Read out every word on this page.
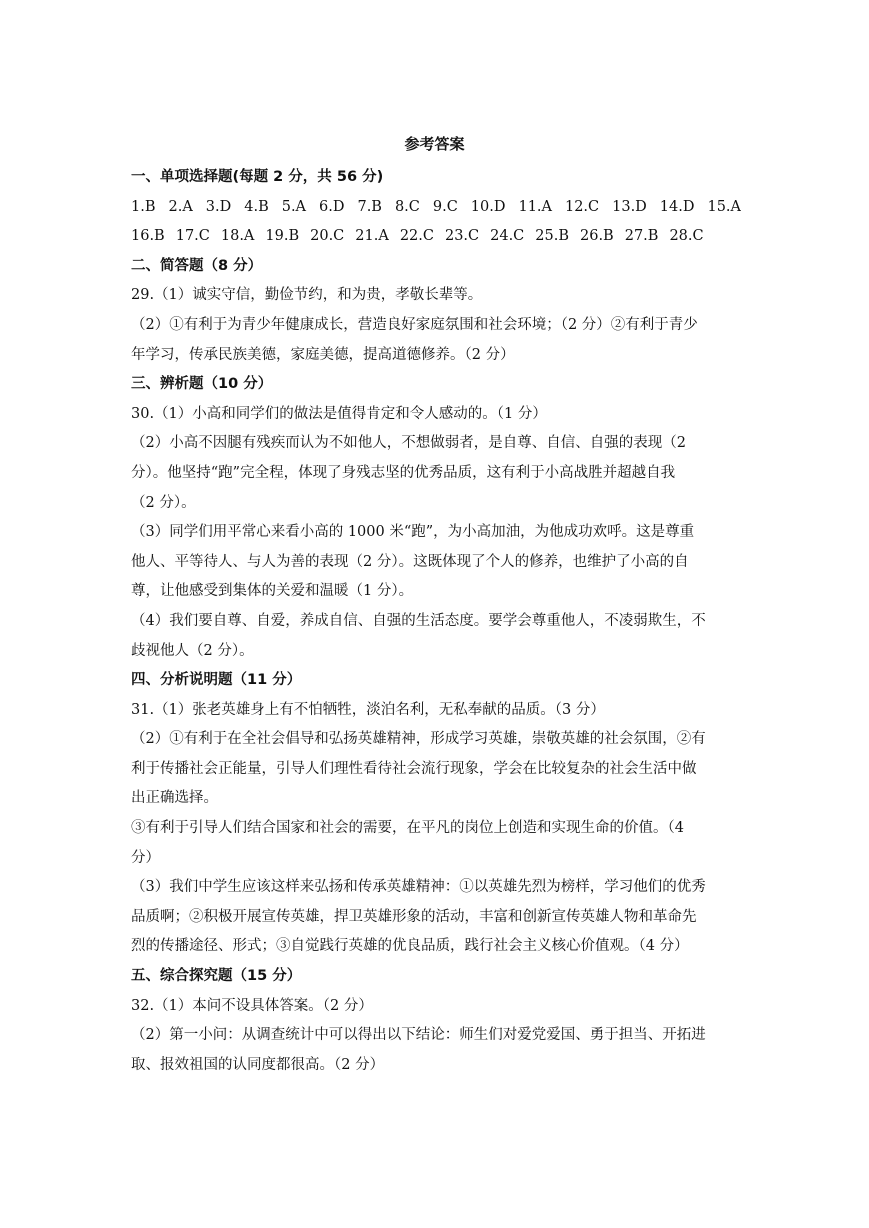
参考答案
一、单项选择题(每题 2 分，共 56 分)
1.B 2.A 3.D 4.B 5.A 6.D 7.B 8.C 9.C 10.D 11.A 12.C 13.D 14.D 15.A
16.B 17.C 18.A 19.B 20.C 21.A 22.C 23.C 24.C 25.B 26.B 27.B 28.C
二、简答题（8 分）
29.（1）诚实守信，勤俭节约，和为贵，孝敬长辈等。
（2）①有利于为青少年健康成长，营造良好家庭氛围和社会环境；（2 分）②有利于青少
年学习，传承民族美德，家庭美德，提高道德修养。（2 分）
三、辨析题（10 分）
30.（1）小高和同学们的做法是值得肯定和令人感动的。（1 分）
（2）小高不因腿有残疾而认为不如他人，不想做弱者，是自尊、自信、自强的表现（2
分）。他坚持“跑”完全程，体现了身残志坚的优秀品质，这有利于小高战胜并超越自我
（2 分）。
（3）同学们用平常心来看小高的 1000 米“跑”，为小高加油，为他成功欢呼。这是尊重
他人、平等待人、与人为善的表现（2 分）。这既体现了个人的修养，也维护了小高的自
尊，让他感受到集体的关爱和温暖（1 分）。
（4）我们要自尊、自爱，养成自信、自强的生活态度。要学会尊重他人，不凌弱欺生，不
歧视他人（2 分）。
四、分析说明题（11 分）
31.（1）张老英雄身上有不怕牺牲，淡泊名利，无私奉献的品质。（3 分）
（2）①有利于在全社会倡导和弘扬英雄精神，形成学习英雄，崇敬英雄的社会氛围，②有
利于传播社会正能量，引导人们理性看待社会流行现象，学会在比较复杂的社会生活中做
出正确选择。
③有利于引导人们结合国家和社会的需要，在平凡的岗位上创造和实现生命的价值。（4
分）
（3）我们中学生应该这样来弘扬和传承英雄精神：①以英雄先烈为榜样，学习他们的优秀
品质啊；②积极开展宣传英雄，捍卫英雄形象的活动，丰富和创新宣传英雄人物和革命先
烈的传播途径、形式；③自觉践行英雄的优良品质，践行社会主义核心价值观。（4 分）
五、综合探究题（15 分）
32.（1）本问不设具体答案。（2 分）
（2）第一小问：从调查统计中可以得出以下结论：师生们对爱党爱国、勇于担当、开拓进
取、报效祖国的认同度都很高。（2 分）
